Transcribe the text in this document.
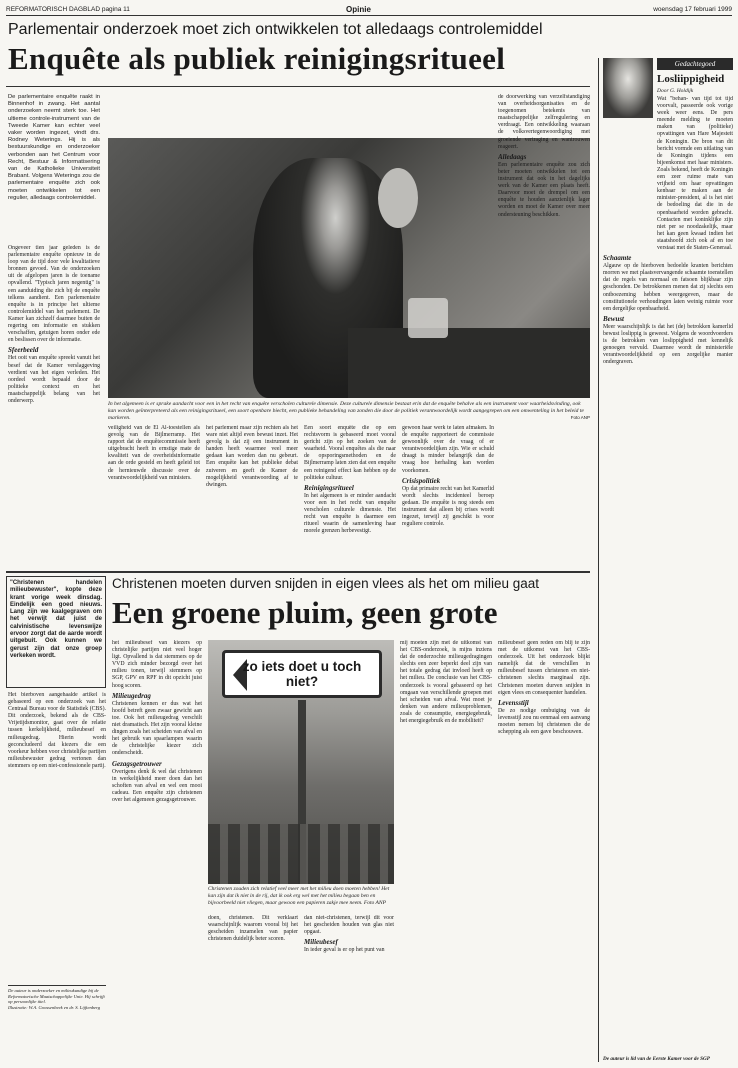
REFORMATORISCH DAGBLAD pagina 11	Opinie	woensdag 17 februari 1999
Parlementair onderzoek moet zich ontwikkelen tot alledaags controlemiddel
Enquête als publiek reinigingsritueel
De parlementaire enquête raakt in Binnenhof in zwang. Het aantal onderzoeken neemt sterk toe. Het ultieme controle-instrument van de Tweede Kamer kan echter veel vaker worden ingezet, vindt drs. Rodney Weterings. Hij is als bestuurskundige en onderzoeker verbonden aan het Centrum voor Recht, Bestuur & Informatisering van de Katholieke Universiteit Brabant. Volgens Weterings zou de parlementaire enquête zich ook moeten ontwikkelen tot een regulier, alledaags controlemiddel.
In het algemeen is er sprake aandacht voor een in het recht van enquête verscholen culturele dimensie. Deze culturele dimensie bestaat erin dat de enquête behalve als een instrument voor waarheidsvinding, ook kan worden geïnterpreteerd als een reinigingsritueel, een soort openbare biecht, een publieke behandeling van zonden die door de politiek verantwoordelijk wordt aangegrepen om een omwenteling in het beleid te markeren.	Foto ANP

Ongeveer tien jaar geleden is de parlementaire enquête opnieuw in de loop van de tijd door vele kwalitatieve bronnen gevoed. Van de onderzoeken uit de afgelopen jaren is de toename opvallend. "Typisch jaren negentig" is een aanduiding die zich bij de enquête telkens aandient. Een parlementaire enquête is in principe het ultieme controlemiddel van het parlement. De Kamer kan zichzelf daarmee buiten de regering om informatie en stukken verschaffen, getuigen horen onder ede en beslissen over de informatie.

Sfeerbeeld

Het ooit van enquête spreekt vanuit het besef dat de Kamer verslaggeving verdient van het eigen verleden. Het oordeel wordt bepaald door de politieke context en het maatschappelijk belang van het onderwerp.

veiligheid van de El Al-toestellen als gevolg van de Bijlmerramp. Het rapport dat de enquêtecommissie heeft uitgebracht heeft in ernstige mate de kwaliteit van de overheidsinformatie aan de orde gesteld en heeft geleid tot de hernieuwde discussie over de verantwoordelijkheid van ministers.

het parlement maar zijn rechten als het ware niet altijd even bewust inzet. Het gevolg is dat zij een instrument in handen heeft waarmee veel meer gedaan kan worden dan nu gebeurt. Een enquête kan het publieke debat zuiveren en geeft de Kamer de mogelijkheid verantwoording af te dwingen.

Een soort enquête die op een rechtsvorm is gebaseerd moet vooral gericht zijn op het zoeken van de waarheid. Vooral enquêtes als die naar de opsporingsmethoden en de Bijlmerramp laten zien dat een enquête een reinigend effect kan hebben op de politieke cultuur.

Reinigingsritueel

In het algemeen is er minder aandacht voor een in het recht van enquête verscholen culturele dimensie. Het recht van enquête is daarmee een ritueel waarin de samenleving haar morele grenzen herbevestigt.

gewoon haar werk te laten afmaken. In de enquête rapporteert de commissie gewoonlijk over de vraag of er verantwoordelijken zijn. Wie er schuld draagt is minder belangrijk dan de vraag hoe herhaling kan worden voorkomen.

Crisispolitiek

Op dat primaire recht van het Kamerlid wordt slechts incidenteel beroep gedaan. De enquête is nog steeds een instrument dat alleen bij crises wordt ingezet, terwijl zij geschikt is voor reguliere controle.

de doorwerking van verzelfstandiging van overheidsorganisaties en de toegenomen betekenis van maatschappelijke zelfregulering en verdraagt. Een ontwikkeling waaraan de volksvertegenwoordiging met groeiende vertraging en wantrouwen reageert.

Alledaags

Een parlementaire enquête zou zich beter moeten ontwikkelen tot een instrument dat ook in het dagelijks werk van de Kamer een plaats heeft. Daarvoor moet de drempel om een enquête te houden aanzienlijk lager worden en moet de Kamer over meer ondersteuning beschikken.

Gedachtegoed
Losliippigheid
Door G. Holdijk

Wat "behan- van tijd tot tijd voorvalt, passeerde ook vorige week weer eens. De pers meende melding te moeten maken van (politieke) opvattingen van Hare Majesteit de Koningin. De bron van dit bericht vormde een uitlating van de Koningin tijdens een bijeenkomst met haar ministers. Zoals bekend, heeft de Koningin een zeer ruime mate van vrijheid om haar opvattingen kenbaar te maken aan de minister-president, al is het niet de bedoeling dat die in de openbaarheid worden gebracht. Contacten met koninklijke zijn niet per se noodzakelijk, maar het kan geen kwaad indien het staatshoofd zich ook af en toe verstaat met de Staten-Generaal.

Schaamte

Algauw op de hierboven bedoelde kranten berichten morren we met plaatsvervangende schaamte toenstellen dat de regels van normaal en fatsoen blijkbaar zijn geschonden. De betrokkenen menen dat zij slechts een ontboezeming hebben weergegeven, maar de constitutionele verhoudingen laten weinig ruimte voor een dergelijke openbaarheid.

Bewust

Meer waarschijnlijk is dat het (de) betrokken kamerlid bewust loslippig is geweest. Volgens de woordvoerders is de betrokken van loslippigheid met kennelijk genoegen vervuld. Daarmee wordt de ministeriële verantwoordelijkheid op een zorgelijke manier ondergraven.

De auteur is lid van de Eerste Kamer voor de SGP
"Christenen handelen milieubewuster", kopte deze krant vorige week dinsdag. Eindelijk een goed nieuws. Lang zijn we kaalgegraven om het verwijt dat juist de calvinistische levenswijze ervoor zorgt dat de aarde wordt uitgebuit. Ook kunnen we gerust zijn dat onze groep verkeken wordt.
Christenen moeten durven snijden in eigen vlees als het om milieu gaat
Een groene pluim, geen grote

Het bierboven aangehaalde artikel is gebaseerd op een onderzoek van het Centraal Bureau voor de Statistiek (CBS). Dit onderzoek, bekend als de CBS-Vrijetijdsmonitor, gaat over de relatie tussen kerkelijkheid, milieubesef en milieugedrag. Hierin wordt geconcludeerd dat kiezers die een voorkeur hebben voor christelijke partijen milieubewuster gedrag vertonen dan stemmers op een niet-confessionele partij.

De auteur is onderzoeker en milieukundige bij de Reformatorische Maatschappelijke Unie. Hij schrijft op persoonlijke titel.

Illustratie: W.A. Goossenbeek en dr. S. Lijftenberg

het milieubesef van kiezers op christelijke partijen niet veel hoger ligt. Opvallend is dat stemmers op de VVD zich minder bezorgd over het milieu tonen, terwijl stemmers op SGP, GPV en RPF in dit opzicht juist hoog scoren.

Milieugedrag

Christenen kennen er dus wat het hoofd betreft geen zwaar gewicht aan toe. Ook het milieugedrag verschilt niet dramatisch. Het zijn vooral kleine dingen zoals het scheiden van afval en het gebruik van spaarlampen waarin de christelijke kiezer zich onderscheidt.

Gezagsgetrouwer

Overigens denk ik wel dat christenen in werkelijkheid meer doen dan het schoften van afval en wel een mooi cadeau. Een enquête zijn christenen over het algemeen gezagsgetrouwer.

zo iets doet u toch niet?
Christenen zouden zich relatief veel meer met het milieu doen moeten hebben! Het kan zijn dat ik niet in de rij, dat ik ook erg wel met het milieu begaan ben en bijvoorbeeld niet vliegen, maar gewoon een papieren zakje mee neem. Foto ANP

doen, christenen. Dit verklaart waarschijnlijk waarom vooral bij het gescheiden inzamelen van papier christenen duidelijk beter scoren.

dan niet-christenen, terwijl dit voor het gescheiden houden van glas niet opgaat.

Milieubesef

In ieder geval is er op het punt van

mij moeten zijn met de uitkomst van het CBS-onderzoek, is mijns inziens dat de onderzochte milieugedragingen slechts een zeer beperkt deel zijn van het totale gedrag dat invloed heeft op het milieu. De conclusie van het CBS-onderzoek is vooral gebaseerd op het omgaan van verschillende groepen met het scheiden van afval. Wat moet je denken van andere milieuproblemen, zoals de consumptie, energiegebruik, het energiegebruik en de mobiliteit?

milieubesef geen reden om blij te zijn met de uitkomst van het CBS-onderzoek. Uit het onderzoek blijkt namelijk dat de verschillen in milieubesef tussen christenen en niet-christenen slechts marginaal zijn. Christenen moeten durven snijden in eigen vlees en consequenter handelen.

Levensstijl

De zo nodige ombuiging van de levensstijl zou nu eenmaal een aanvang moeten nemen bij christenen die de schepping als een gave beschouwen.
